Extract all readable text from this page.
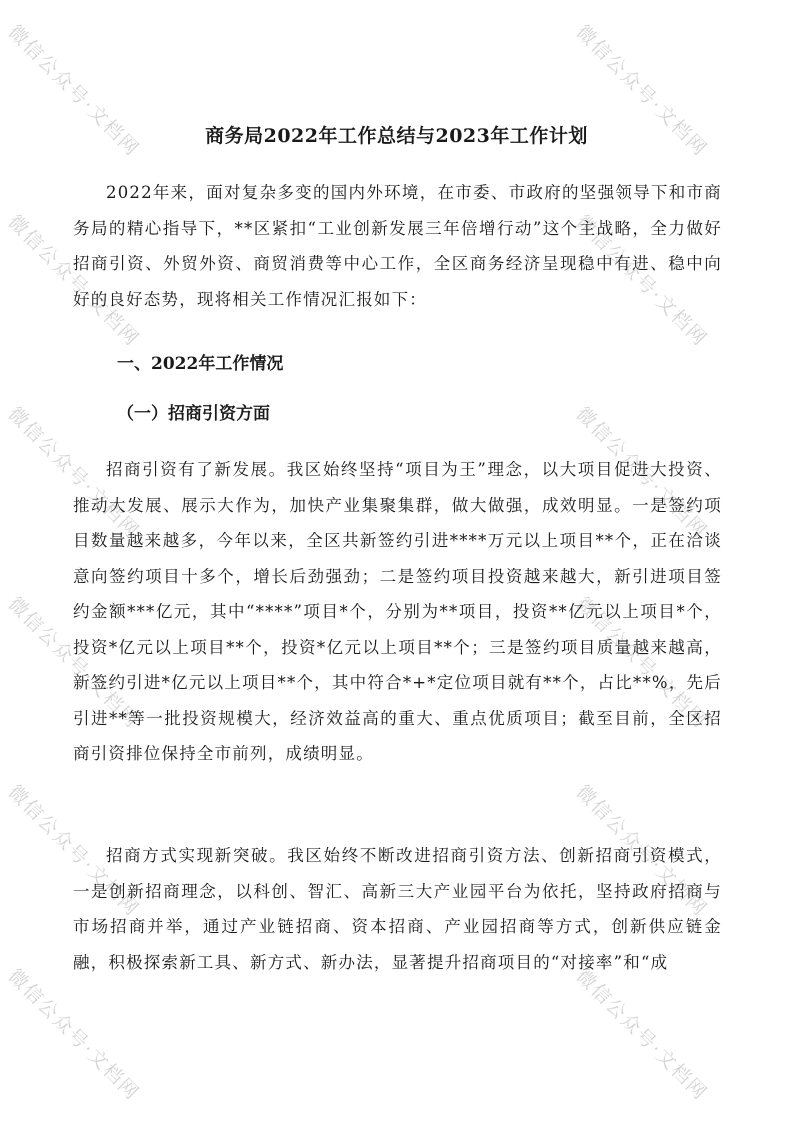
微信公众号·文档网	微信公众号·文档网
微信公众号·文档网	微信公众号·文档网
微信公众号·文档网	微信公众号·文档网
微信公众号·文档网	微信公众号·文档网
微信公众号·文档网	微信公众号·文档网
微信公众号·文档网	微信公众号·文档网
商务局2022年工作总结与2023年工作计划

2022年来，面对复杂多变的国内外环境，在市委、市政府的坚强领导下和市商务局的精心指导下，**区紧扣“工业创新发展三年倍增行动”这个主战略，全力做好招商引资、外贸外资、商贸消费等中心工作，全区商务经济呈现稳中有进、稳中向好的良好态势，现将相关工作情况汇报如下：

一、2022年工作情况
（一）招商引资方面

招商引资有了新发展。我区始终坚持“项目为王”理念，以大项目促进大投资、推动大发展、展示大作为，加快产业集聚集群，做大做强，成效明显。一是签约项目数量越来越多，今年以来，全区共新签约引进****万元以上项目**个，正在洽谈意向签约项目十多个，增长后劲强劲；二是签约项目投资越来越大，新引进项目签约金额***亿元，其中“****”项目*个，分别为**项目，投资**亿元以上项目*个，投资*亿元以上项目**个，投资*亿元以上项目**个；三是签约项目质量越来越高，新签约引进*亿元以上项目**个，其中符合*+*定位项目就有**个，占比**%，先后引进**等一批投资规模大，经济效益高的重大、重点优质项目；截至目前，全区招商引资排位保持全市前列，成绩明显。

招商方式实现新突破。我区始终不断改进招商引资方法、创新招商引资模式，一是创新招商理念，以科创、智汇、高新三大产业园平台为依托，坚持政府招商与市场招商并举，通过产业链招商、资本招商、产业园招商等方式，创新供应链金融，积极探索新工具、新方式、新办法，显著提升招商项目的“对接率”和“成
